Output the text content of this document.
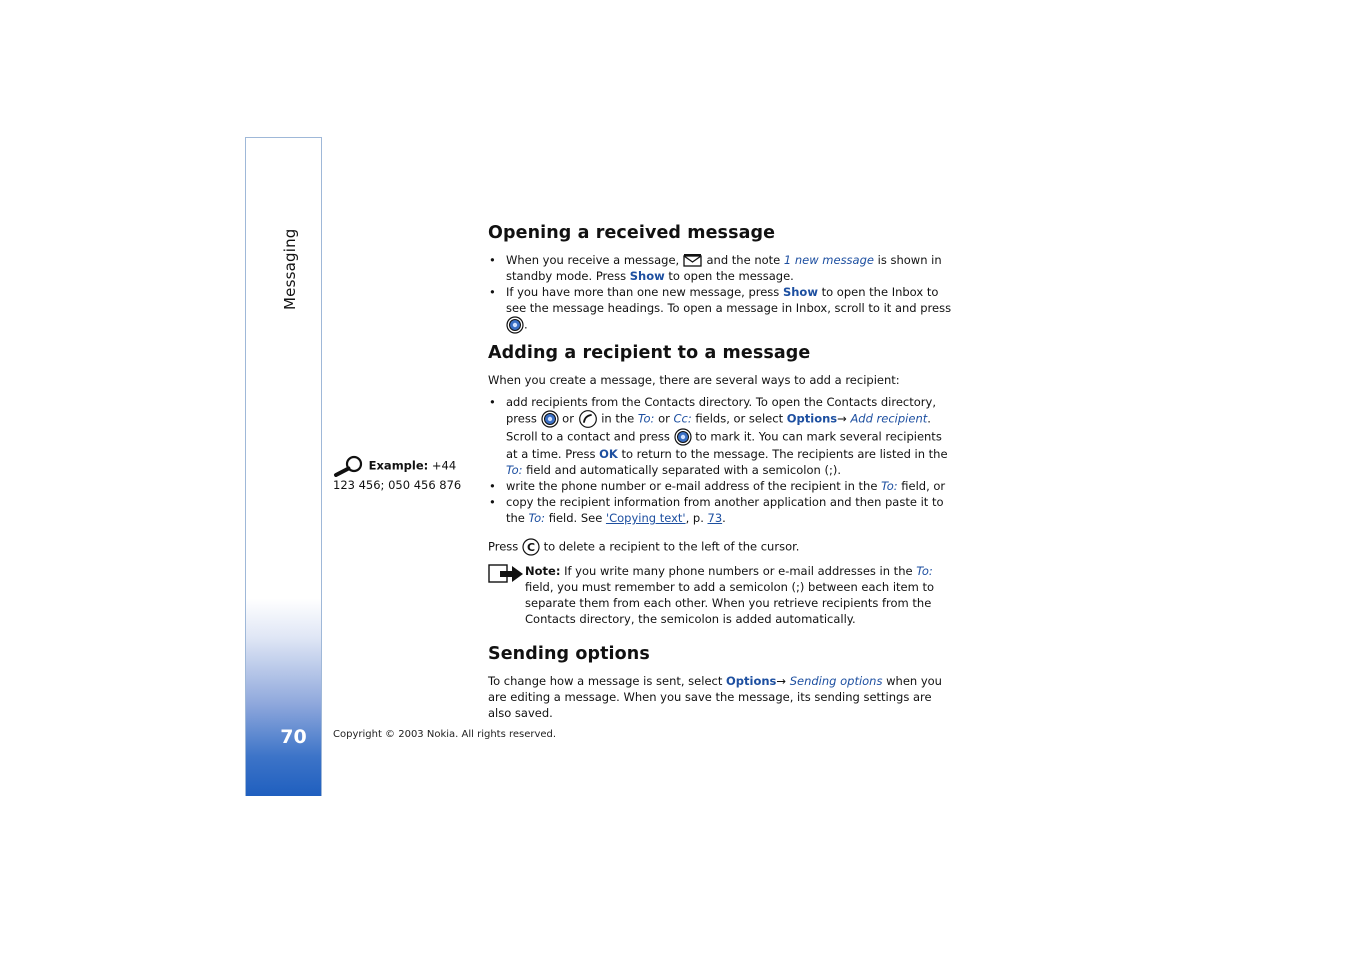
Messaging
70
Example: +44 123 456; 050 456 876
Opening a received message
• When you receive a message,  and the note 1 new message is shown in standby mode. Press Show to open the message.
• If you have more than one new message, press Show to open the Inbox to see the message headings. To open a message in Inbox, scroll to it and press .
Adding a recipient to a message

When you create a message, there are several ways to add a recipient:

• add recipients from the Contacts directory. To open the Contacts directory, press  or  in the To: or Cc: fields, or select Options→ Add recipient. Scroll to a contact and press  to mark it. You can mark several recipients at a time. Press OK to return to the message. The recipients are listed in the To: field and automatically separated with a semicolon (;).
• write the phone number or e-mail address of the recipient in the To: field, or
• copy the recipient information from another application and then paste it to the To: field. See 'Copying text', p. 73.

Press C to delete a recipient to the left of the cursor.

Note: If you write many phone numbers or e-mail addresses in the To: field, you must remember to add a semicolon (;) between each item to separate them from each other. When you retrieve recipients from the Contacts directory, the semicolon is added automatically.
Sending options

To change how a message is sent, select Options→ Sending options when you are editing a message. When you save the message, its sending settings are also saved.

Copyright © 2003 Nokia. All rights reserved.
